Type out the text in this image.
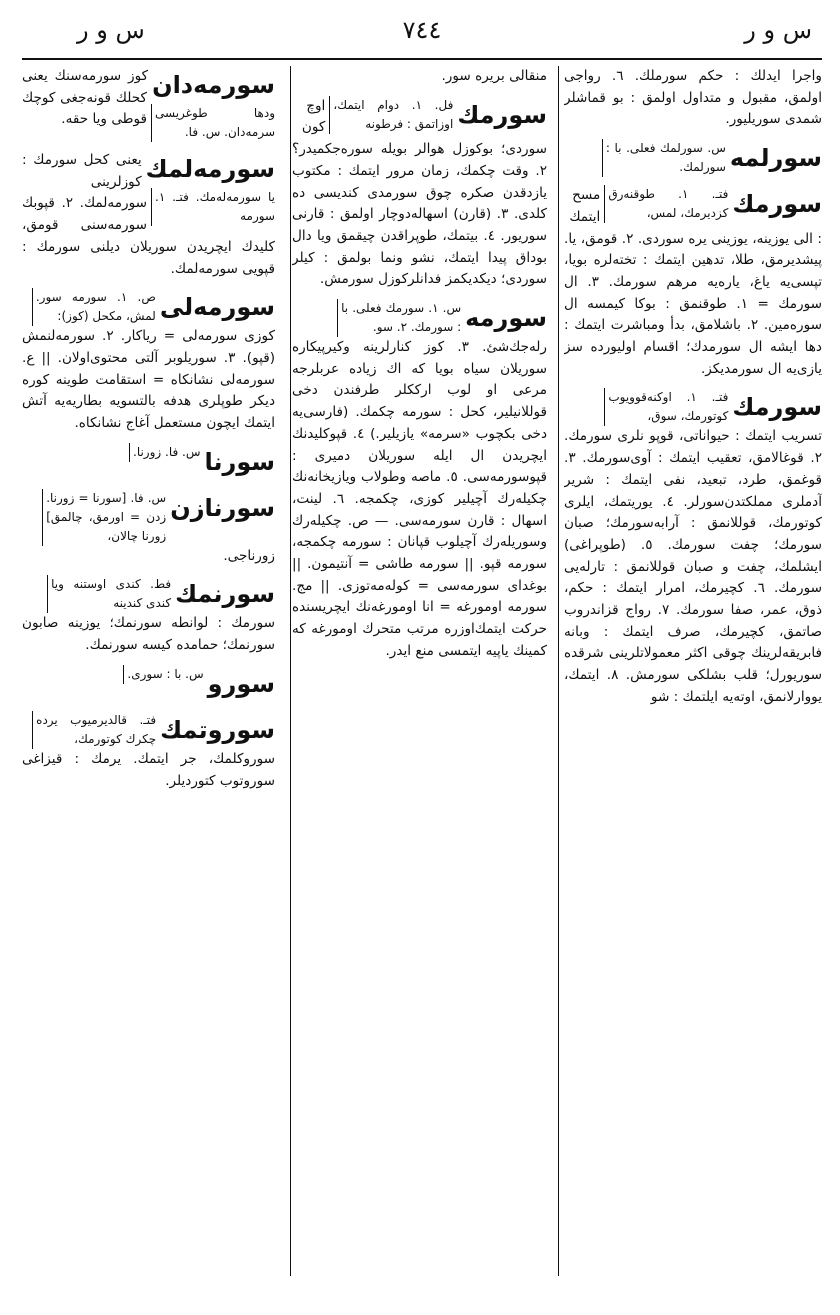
س و ر
٧٤٤
س و ر
واجرا ایدلك : حکم سورملك. ٦. رواجی اولمق، مقبول و متداول اولمق : بو قماشلر شمدی سوریلیور.
سورلمه
س. سورلمك فعلی. با : سورلمك.
سورمك
فتـ. ١. طوقنه‌رق کزدیرمك، لمس،
مسح ایتمك : الی یوزینه، یوزینی یره سوردی. ٢. قومق، یا. پیشدیرمق، طلا، تدهین ایتمك : تختەلره بویا، تپسی‌یه یاغ، یاره‌یه مرهم سورمك. ٣. ال سورمك = ١. طوقنمق : بوکا کیمسه ال سوره‌مین. ٢. باشلامق، بدأ ومباشرت ایتمك : دها ایشه ال سورمدك؛ اقسام اولیورده سز یازی‌یه ال سورمدیکز.
سورمك
فتـ. ١. اوکنه‌قوویوب کوتورمك، سوق،
تسریب ایتمك : حیواناتی، قوپو نلری سورمك. ٢. قوغالامق، تعقیب ایتمك : آوی‌سورمك. ٣. قوغمق، طرد، تبعید، نفی ایتمك : شریر آدملری مملکتدن‌سورلر. ٤. یوریتمك، ایلری کوتورمك، قوللانمق : آرابه‌سورمك؛ صبان سورمك؛ چفت سورمك. ٥. (طوپراغی) ایشلمك، چفت و صبان قوللانمق : تارلەیی سورمك. ٦. کچیرمك، امرار ایتمك : حکم، ذوق، عمر، صفا سورمك. ٧. رواج قزاندروب صاتمق، کچیرمك، صرف ایتمك : وبانه فابریقه‌لرینك چوقی اکثر معمولاتلرینی شرقده سوریورل؛ قلب بشلکی سورمش. ٨. ایتمك، یووارلانمق، اوته‌یه ایلتمك : شو
منقالی بریره سور.
سورمك
فل. ١. دوام ایتمك، اوزاتمق : فرطونه
اوچ کون سوردی؛ بوکوزل هوالر بویله سوره‌جکمیدر؟ ٢. وقت چکمك، زمان مرور ایتمك : مکتوب یازدقدن صکره چوق سورمدی کندیسی ده کلدی. ٣. (قارن) اسهاله‌دوچار اولمق : قارنی سوریور. ٤. بیتمك، طوپراقدن چیقمق ویا دال بوداق پیدا ایتمك، نشو ونما بولمق : کیلر سوردی؛ دیکدیکمز فدانلرکوزل سورمش.
سورمه
س. ١. سورمك فعلی. با : سورمك. ٢. سو.
رلەجك‌شئ. ٣. کوز کنارلرینه وکیرپیکاره سوریلان سیاه بویا که اك زیاده عربلرجه مرعی او لوب ارککلر طرفندن دخی قوللانیلیر، کحل : سورمه چکمك. (فارسی‌یه دخی بکچوب «سرمه» یازیلیر.) ٤. قپوکلیدنك ایچریدن ال ایله سوریلان دمیری : قپوسورمه‌سی. ٥. ماصه وطولاب ویازیخانەنك چکیلەرك آچیلیر کوزی، چکمجه. ٦. لینت، اسهال : قارن سورمه‌سی. — ص. چکیلەرك وسوریلەرك آچیلوب قپانان : سورمه چکمجه، سورمه قپو. || سورمه طاشی = آنتیمون. || بوغدای سورمه‌سی = کولەمه‌توزی. || مج. سورمه اومورغه = انا اومورغەنك ایچریسنده حرکت ایتمك‌اوزره مرتب متحرك اومورغه که کمینك یاپیه ایتمسی منع ایدر.
سورمه‌دان
ودها طوغریسی سرمه‌دان. س. فا.
کوز سورمه‌سنك یعنی کحلك قونه‌جغی کوچك قوطی ویا حقه.
سورمه‌لمك
یا سورمه‌له‌مك. فتـ. ١. سورمه
یعنی کحل سورمك : کوزلرینی سورمه‌لمك. ٢. قپوبك سورمه‌سنی قومق، کلیدك ایچریدن سوریلان دیلنی سورمك : قپویی سورمه‌لمك.
سورمه‌لی
ص. ١. سورمه سور. لمش، مکحل (کوز):
کوزی سورمه‌لی = ریاکار. ٢. سورمه‌لنمش (قپو). ٣. سوریلوبر آلتی محتوی‌اولان. || ع. سورمه‌لی نشانکاه = استقامت طوینه کوره دیکر طوپلری هدفه بالتسویه بطاریه‌یه آتش ایتمك ایچون مستعمل آغاج نشانکاه.
سورنا
س. فا. زورنا.
سورنازن
س. فا. [سورنا = زورنا. زدن = اورمق، چالمق] زورنا چالان،
زورناجی.
سورنمك
فط. کندی اوستنه ویا کندی کندینه
سورمك : لوانطه سورنمك؛ یوزینه صابون سورنمك؛ حمامده کیسه سورنمك.
سورو
س. با : سوری.
سوروتمك
فتـ. قالدیرمیوب یرده چکرك کوتورمك،
سوروکلمك، جر ایتمك. یرمك : قیزاغی سوروتوب کتوردیلر.
